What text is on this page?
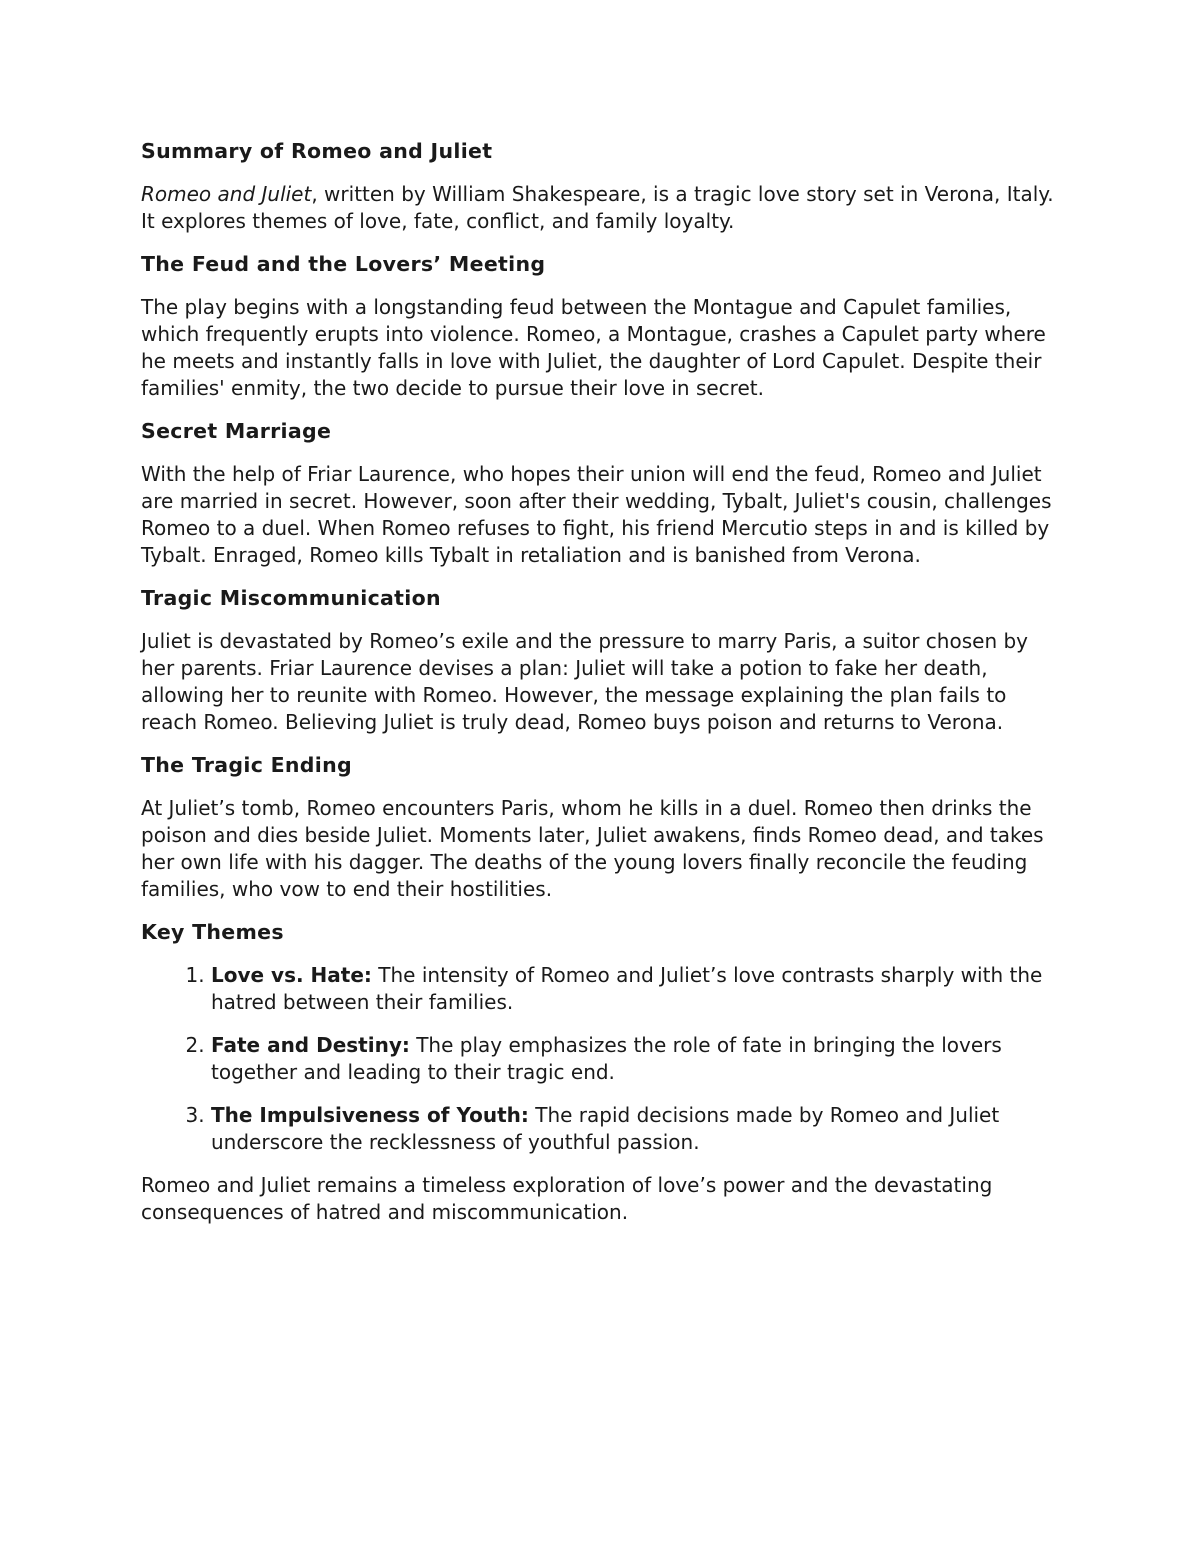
Summary of Romeo and Juliet

Romeo and Juliet, written by William Shakespeare, is a tragic love story set in Verona, Italy. It explores themes of love, fate, conflict, and family loyalty.

The Feud and the Lovers’ Meeting

The play begins with a longstanding feud between the Montague and Capulet families, which frequently erupts into violence. Romeo, a Montague, crashes a Capulet party where he meets and instantly falls in love with Juliet, the daughter of Lord Capulet. Despite their families' enmity, the two decide to pursue their love in secret.

Secret Marriage

With the help of Friar Laurence, who hopes their union will end the feud, Romeo and Juliet are married in secret. However, soon after their wedding, Tybalt, Juliet's cousin, challenges Romeo to a duel. When Romeo refuses to fight, his friend Mercutio steps in and is killed by Tybalt. Enraged, Romeo kills Tybalt in retaliation and is banished from Verona.

Tragic Miscommunication

Juliet is devastated by Romeo’s exile and the pressure to marry Paris, a suitor chosen by her parents. Friar Laurence devises a plan: Juliet will take a potion to fake her death, allowing her to reunite with Romeo. However, the message explaining the plan fails to reach Romeo. Believing Juliet is truly dead, Romeo buys poison and returns to Verona.

The Tragic Ending

At Juliet’s tomb, Romeo encounters Paris, whom he kills in a duel. Romeo then drinks the poison and dies beside Juliet. Moments later, Juliet awakens, finds Romeo dead, and takes her own life with his dagger. The deaths of the young lovers finally reconcile the feuding families, who vow to end their hostilities.

Key Themes
1. Love vs. Hate: The intensity of Romeo and Juliet’s love contrasts sharply with the hatred between their families.
2. Fate and Destiny: The play emphasizes the role of fate in bringing the lovers together and leading to their tragic end.
3. The Impulsiveness of Youth: The rapid decisions made by Romeo and Juliet underscore the recklessness of youthful passion.

Romeo and Juliet remains a timeless exploration of love’s power and the devastating consequences of hatred and miscommunication.
